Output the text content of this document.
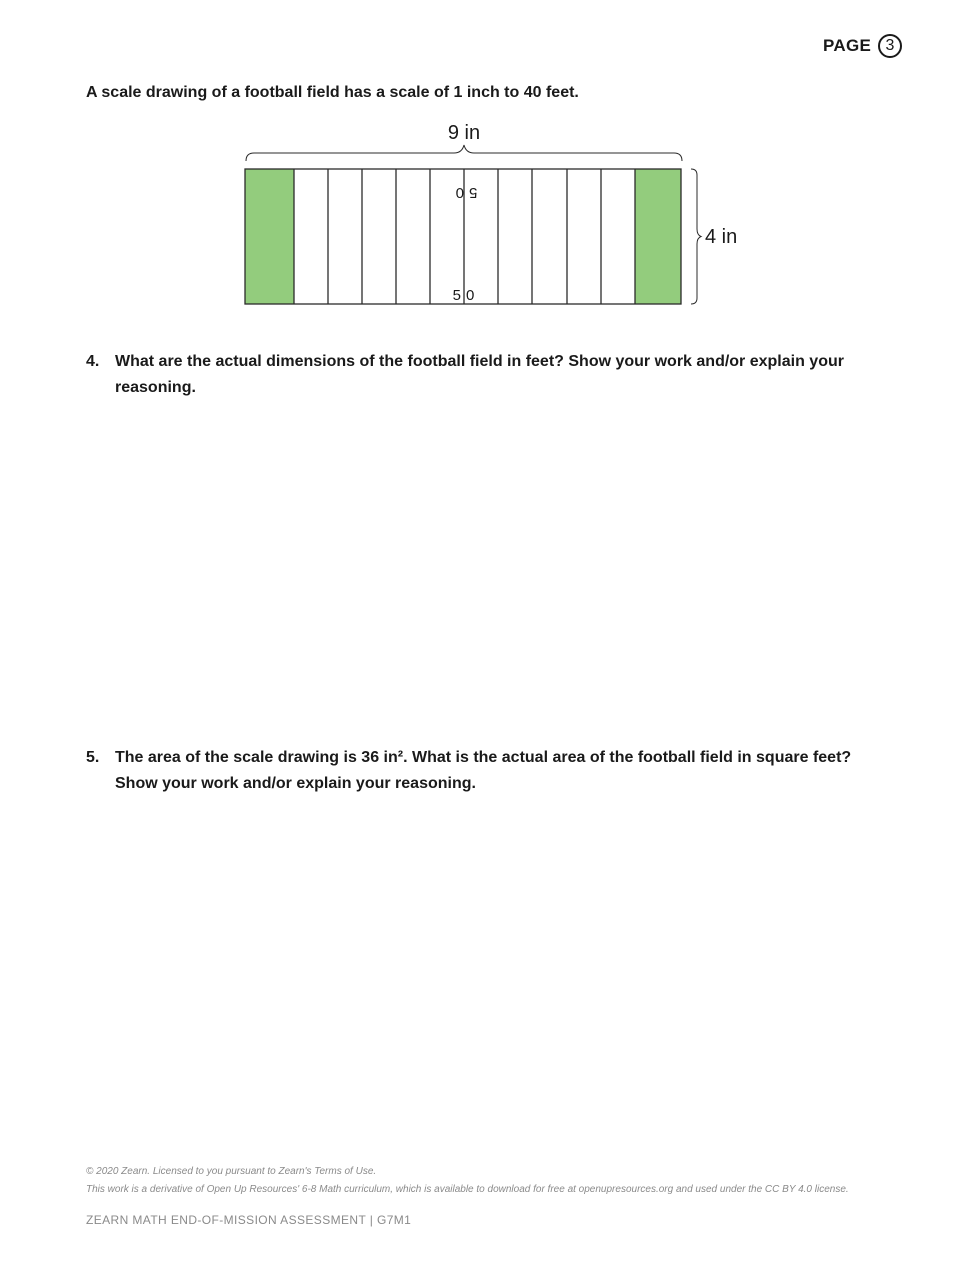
PAGE 3

A scale drawing of a football field has a scale of 1 inch to 40 feet.

9 in
50
50
4 in
4. What are the actual dimensions of the football field in feet? Show your work and/or explain your reasoning.
5. The area of the scale drawing is 36 in². What is the actual area of the football field in square feet? Show your work and/or explain your reasoning.
© 2020 Zearn. Licensed to you pursuant to Zearn's Terms of Use.
This work is a derivative of Open Up Resources' 6-8 Math curriculum, which is available to download for free at openupresources.org and used under the CC BY 4.0 license.
ZEARN MATH END-OF-MISSION ASSESSMENT | G7M1
